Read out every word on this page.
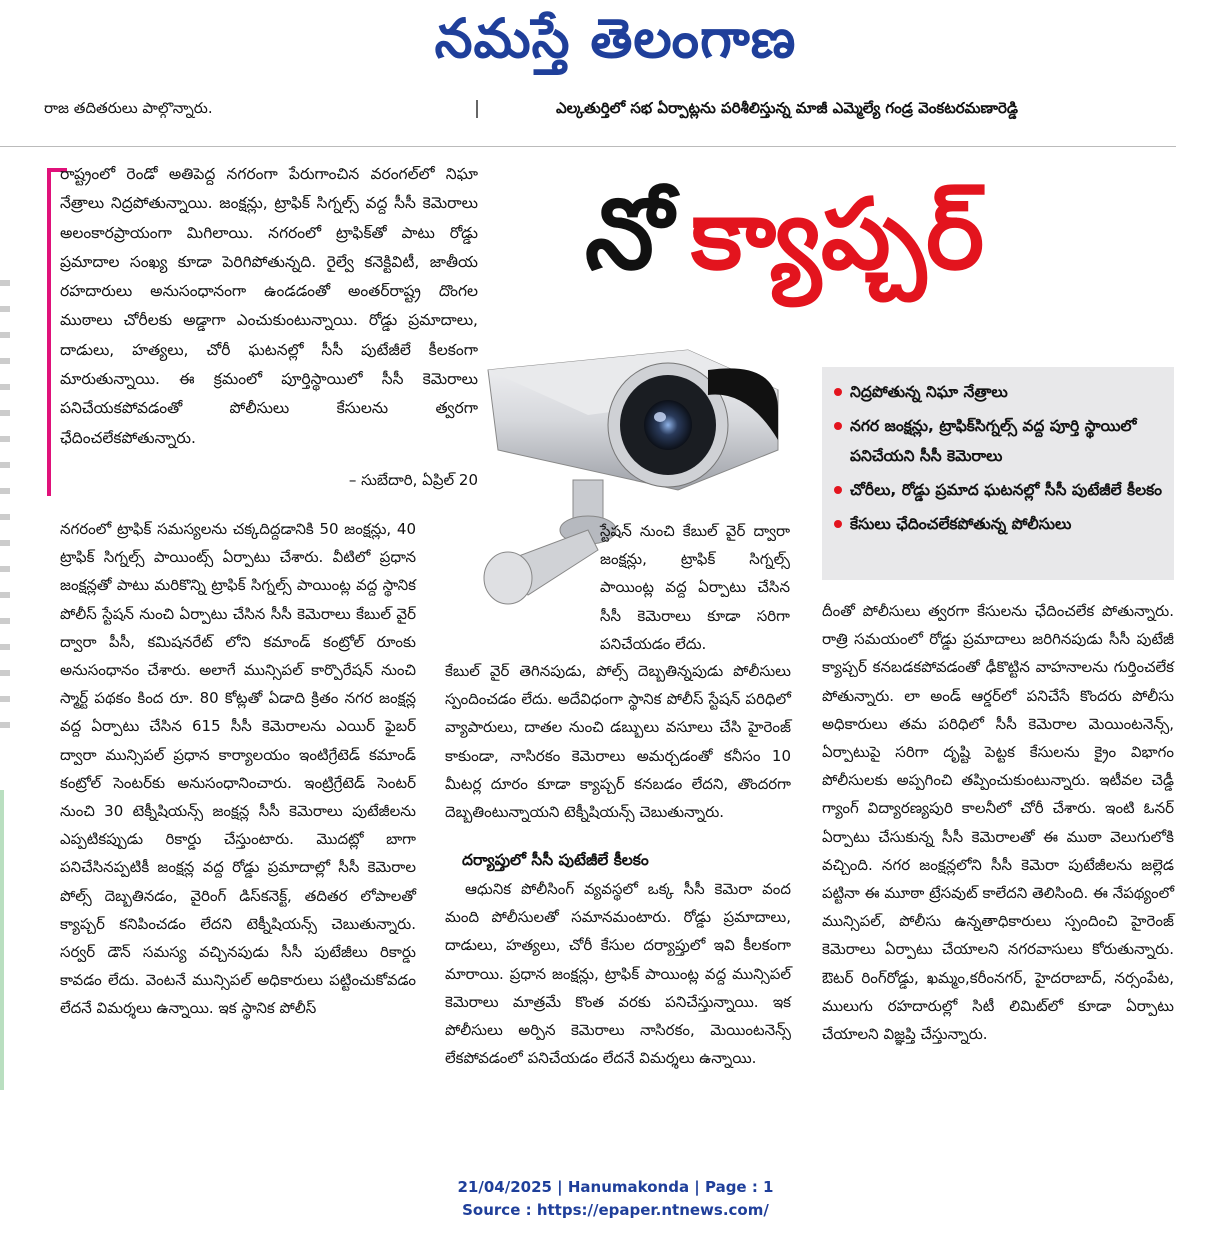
నమస్తే తెలంగాణ
రాజ తదితరులు పాల్గొన్నారు.	ఎల్కతుర్తిలో సభ ఏర్పాట్లను పరిశీలిస్తున్న మాజీ ఎమ్మెల్యే గండ్ర వెంకటరమణారెడ్డి
రాష్ట్రంలో రెండో అతిపెద్ద నగరంగా పేరుగాంచిన వరంగల్‌లో నిఘా నేత్రాలు నిద్రపోతున్నాయి. జంక్షన్లు, ట్రాఫిక్ సిగ్నల్స్ వద్ద సీసీ కెమెరాలు అలంకారప్రాయంగా మిగిలాయి. నగరంలో ట్రాఫిక్‌తో పాటు రోడ్డు ప్రమాదాల సంఖ్య కూడా పెరిగిపోతున్నది. రైల్వే కనెక్టివిటీ, జాతీయ రహదారులు అనుసంధానంగా ఉండడంతో అంతర్‌రాష్ట్ర దొంగల ముఠాలు చోరీలకు అడ్డాగా ఎంచుకుంటున్నాయి. రోడ్డు ప్రమాదాలు, దాడులు, హత్యలు, చోరీ ఘటనల్లో సీసీ పుటేజీలే కీలకంగా మారుతున్నాయి. ఈ క్రమంలో పూర్తిస్థాయిలో సీసీ కెమెరాలు పనిచేయకపోవడంతో పోలీసులు కేసులను త్వరగా ఛేదించలేకపోతున్నారు.
– సుబేదారి, ఏప్రిల్ 20
నో క్యాప్చర్
నిద్రపోతున్న నిఘా నేత్రాలు
నగర జంక్షన్లు, ట్రాఫిక్‌సిగ్నల్స్ వద్ద పూర్తి స్థాయిలో పనిచేయని సీసీ కెమెరాలు
చోరీలు, రోడ్డు ప్రమాద ఘటనల్లో సీసీ పుటేజీలే కీలకం
కేసులు ఛేదించలేకపోతున్న పోలీసులు
నగరంలో ట్రాఫిక్ సమస్యలను చక్కదిద్దడానికి 50 జంక్షన్లు, 40 ట్రాఫిక్ సిగ్నల్స్ పాయింట్స్ ఏర్పాటు చేశారు. వీటిలో ప్రధాన జంక్షన్లతో పాటు మరికొన్ని ట్రాఫిక్ సిగ్నల్స్ పాయింట్ల వద్ద స్థానిక పోలీస్ స్టేషన్ నుంచి ఏర్పాటు చేసిన సీసీ కెమెరాలు కేబుల్ వైర్ ద్వారా పీసీ, కమిషనరేట్ లోని కమాండ్ కంట్రోల్ రూంకు అనుసంధానం చేశారు. అలాగే మున్సిపల్ కార్పొరేషన్ నుంచి స్మార్ట్ పథకం కింద రూ. 80 కోట్లతో ఏడాది క్రితం నగర జంక్షన్ల వద్ద ఏర్పాటు చేసిన 615 సీసీ కెమెరాలను ఎయిర్ ఫైబర్ ద్వారా మున్సిపల్ ప్రధాన కార్యాలయం ఇంటిగ్రేటెడ్ కమాండ్ కంట్రోల్ సెంటర్‌కు అనుసంధానించారు. ఇంట్రిగ్రేటెడ్ సెంటర్ నుంచి 30 టెక్నీషియన్స్ జంక్షన్ల సీసీ కెమెరాలు పుటేజీలను ఎప్పటికప్పుడు రికార్డు చేస్తుంటారు. మొదట్లో బాగా పనిచేసినప్పటికీ జంక్షన్ల వద్ద రోడ్డు ప్రమాదాల్లో సీసీ కెమెరాల పోల్స్ దెబ్బతినడం, వైరింగ్ డిస్‌కనెక్ట్, తదితర లోపాలతో క్యాప్చర్ కనిపించడం లేదని టెక్నీషియన్స్ చెబుతున్నారు. సర్వర్ డౌన్ సమస్య వచ్చినపుడు సీసీ పుటేజీలు రికార్డు కావడం లేదు. వెంటనే మున్సిపల్ అధికారులు పట్టించుకోవడం లేదనే విమర్శలు ఉన్నాయి. ఇక స్థానిక పోలీస్
స్టేషన్ నుంచి కేబుల్ వైర్ ద్వారా జంక్షన్లు, ట్రాఫిక్ సిగ్నల్స్ పాయింట్ల వద్ద ఏర్పాటు చేసిన సీసీ కెమెరాలు కూడా సరిగా పనిచేయడం లేదు.
కేబుల్ వైర్ తెగినపుడు, పోల్స్ దెబ్బతిన్నపుడు పోలీసులు స్పందించడం లేదు. అదేవిధంగా స్థానిక పోలీస్ స్టేషన్ పరిధిలో వ్యాపారులు, దాతల నుంచి డబ్బులు వసూలు చేసి హైరెంజ్ కాకుండా, నాసిరకం కెమెరాలు అమర్చడంతో కనీసం 10 మీటర్ల దూరం కూడా క్యాప్చర్ కనబడం లేదని, తొందరగా దెబ్బతింటున్నాయని టెక్నీషియన్స్ చెబుతున్నారు.
దర్యాప్తులో సీసీ పుటేజీలే కీలకం
ఆధునిక పోలీసింగ్ వ్యవస్థలో ఒక్క సీసీ కెమెరా వంద మంది పోలీసులతో సమానమంటారు. రోడ్డు ప్రమాదాలు, దాడులు, హత్యలు, చోరీ కేసుల దర్యాప్తులో ఇవి కీలకంగా మారాయి. ప్రధాన జంక్షన్లు, ట్రాఫిక్ పాయింట్ల వద్ద మున్సిపల్ కెమెరాలు మాత్రమే కొంత వరకు పనిచేస్తున్నాయి. ఇక పోలీసులు అర్పిన కెమెరాలు నాసిరకం, మెయింటనెన్స్ లేకపోవడంలో పనిచేయడం లేదనే విమర్శలు ఉన్నాయి.
దీంతో పోలీసులు త్వరగా కేసులను ఛేదించలేక పోతున్నారు. రాత్రి సమయంలో రోడ్డు ప్రమాదాలు జరిగినపుడు సీసీ పుటేజీ క్యాప్చర్ కనబడకపోవడంతో ఢీకొట్టిన వాహనాలను గుర్తించలేక పోతున్నారు. లా అండ్ ఆర్డర్‌లో పనిచేసే కొందరు పోలీసు అధికారులు తమ పరిధిలో సీసీ కెమెరాల మెయింటనెన్స్, ఏర్పాటుపై సరిగా దృష్టి పెట్టక కేసులను క్రైం విభాగం పోలీసులకు అప్పగించి తప్పించుకుంటున్నారు. ఇటీవల చెడ్డీ గ్యాంగ్ విద్యారణ్యపురి కాలనీలో చోరీ చేశారు. ఇంటి ఓనర్ ఏర్పాటు చేసుకున్న సీసీ కెమెరాలతో ఈ ముఠా వెలుగులోకి వచ్చింది. నగర జంక్షన్లలోని సీసీ కెమెరా పుటేజీలను జల్లెడ పట్టినా ఈ మూఠా ట్రేసవుట్ కాలేదని తెలిసింది. ఈ నేపథ్యంలో మున్సిపల్, పోలీసు ఉన్నతాధికారులు స్పందించి హైరెంజ్ కెమెరాలు ఏర్పాటు చేయాలని నగరవాసులు కోరుతున్నారు. ఔటర్ రింగ్‌రోడ్డు, ఖమ్మం,కరీంనగర్, హైదరాబాద్, నర్సంపేట, ములుగు రహదారుల్లో సిటీ లిమిట్‌లో కూడా ఏర్పాటు చేయాలని విజ్ఞప్తి చేస్తున్నారు.
21/04/2025 | Hanumakonda | Page : 1
Source : https://epaper.ntnews.com/
